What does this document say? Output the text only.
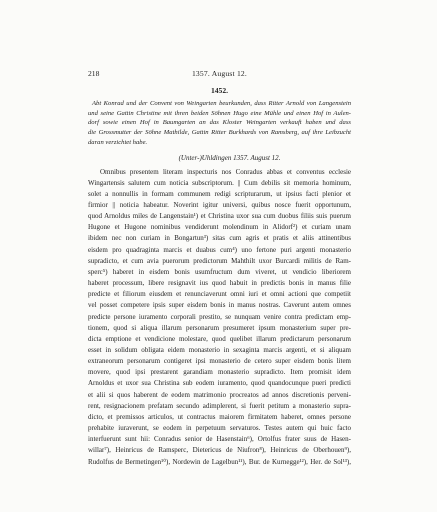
218	1357. August 12.
1452.
Abt Konrad und der Convent von Weingarten beurkunden, dass Ritter Arnold von Langenstein
und seine Gattin Christine mit ihren beiden Söhnen Hugo eine Mühle und einen Hof in Aulen-
dorf sowie einen Hof in Baumgarten an das Kloster Weingarten verkauft haben und dass
die Grossmutter der Söhne Mathilde, Gattin Ritter Burkhards von Ramsberg, auf ihre Leibzucht
daran verzichtet habe.
(Unter-)Uhldingen 1357. August 12.
Omnibus presentem literam inspecturis nos Conradus abbas et conventus ecclesie
Wingartensis salutem cum noticia subscriptorum. || Cum debilis sit memoria hominum,
solet a nonnullis in formam communem redigi scripturarum, ut ipsius facti plenior et
firmior || noticia habeatur. Noverint igitur universi, quibus nosce fuerit opportunum,
quod Arnoldus miles de Langenstain¹) et Christina uxor sua cum duobus filiis suis puerum
Hugone et Hugone nominibus vendiderunt molendinum in Alidorf²) et curiam unam
ibidem nec non curiam in Bongartun³) sitas cum agris et pratis et aliis attinentibus
eisdem pro quadraginta marcis et duabus cum⁴) uno fertone puri argenti monasterio
supradicto, et cum avia puerorum predictorum Mahthilt uxor Burcardi militis de Ram-
sperc⁵) haberet in eisdem bonis usumfructum dum viveret, ut vendicio liberiorem
haberet processum, libere resignavit ius quod habuit in predictis bonis in manus filie
predicte et filiorum eiusdem et renunciaverunt omni iuri et omni actioni que competiit
vel posset competere ipsis super eisdem bonis in manus nostras. Caverunt autem omnes
predicte persone iuramento corporali prestito, se nunquam venire contra predictam emp-
tionem, quod si aliqua illarum personarum presumeret ipsum monasterium super pre-
dicta emptione et vendicione molestare, quod quelibet illarum predictarum personarum
esset in solidum obligata eidem monasterio in sexaginta marcis argenti, et si aliquam
extraneorum personarum contigeret ipsi monasterio de cetero super eisdem bonis litem
movere, quod ipsi prestarent garandiam monasterio supradicto. Item promisit idem
Arnoldus et uxor sua Christina sub eodem iuramento, quod quandocunque pueri predicti
et alii si quos haberent de eodem matrimonio procreatos ad annos discretionis perveni-
rent, resignacionem prefatam secundo adimplerent, si fuerit petitum a monasterio supra-
dicto, et premissos articulos, ut contractus maiorem firmitatem haberet, omnes persone
prehabite iuraverunt, se eodem in perpetuum servaturos. Testes autem qui huic facto
interfuerunt sunt hii: Conradus senior de Hasenstain⁶), Ortolfus frater suus de Hasen-
willar⁷), Heinricus de Ramsperc, Dietericus de Niufron⁸), Heinricus de Oberhouen⁹),
Rudolfus de Bermetingen¹⁰), Nordewin de Lagelbun¹¹), Bur. de Kurnegge¹²), Her. de Sol¹³),
